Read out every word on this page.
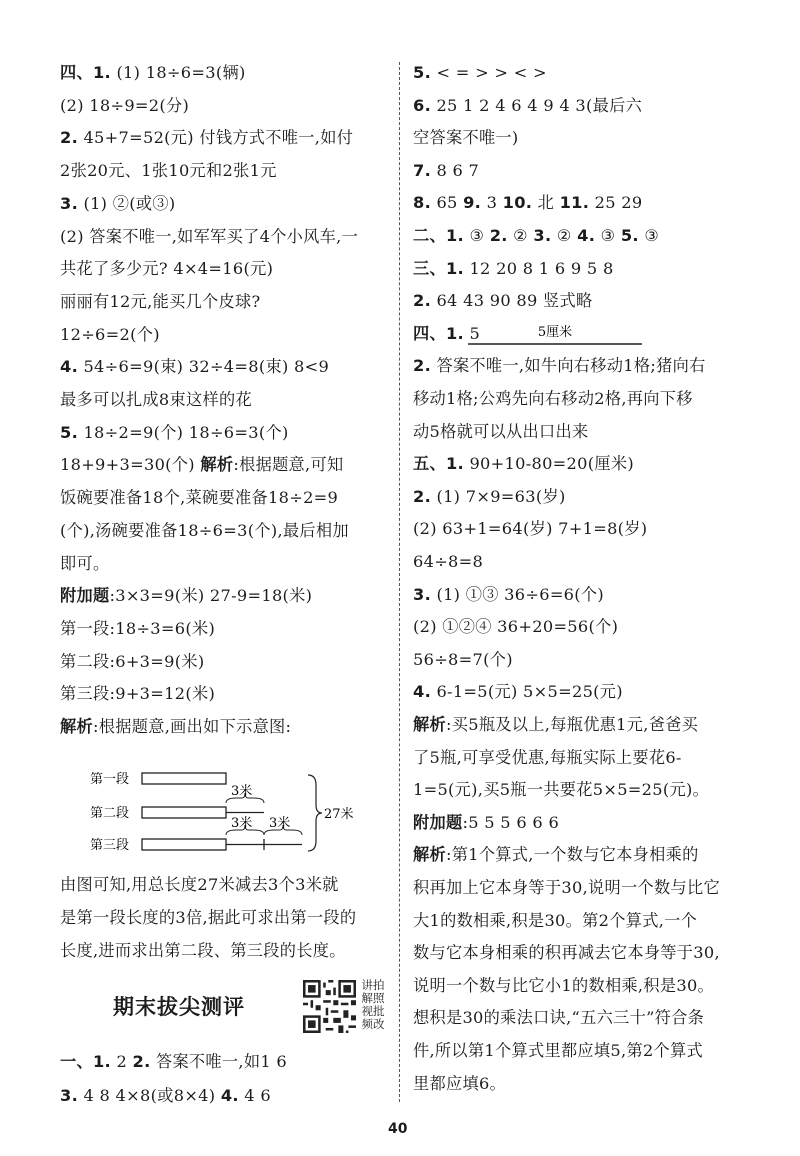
四、1. (1) 18÷6=3(辆)
(2) 18÷9=2(分)
2. 45+7=52(元) 付钱方式不唯一,如付
2张20元、1张10元和2张1元
3. (1) ②(或③)
(2) 答案不唯一,如军军买了4个小风车,一
共花了多少元? 4×4=16(元)
丽丽有12元,能买几个皮球?
12÷6=2(个)
4. 54÷6=9(束) 32÷4=8(束) 8<9
最多可以扎成8束这样的花
5. 18÷2=9(个) 18÷6=3(个)
18+9+3=30(个) 解析:根据题意,可知
饭碗要准备18个,菜碗要准备18÷2=9
(个),汤碗要准备18÷6=3(个),最后相加
即可。
附加题:3×3=9(米) 27-9=18(米)
第一段:18÷3=6(米)
第二段:6+3=9(米)
第三段:9+3=12(米)
解析:根据题意,画出如下示意图:
由图可知,用总长度27米减去3个3米就
是第一段长度的3倍,据此可求出第一段的
长度,进而求出第二段、第三段的长度。
一、1. 2 2. 答案不唯一,如1 6
3. 4 8 4×8(或8×4) 4. 4 6
5. < = > > < >
6. 25 1 2 4 6 4 9 4 3(最后六
空答案不唯一)
7. 8 6 7
8. 65 9. 3 10. 北 11. 25 29
二、1. ③ 2. ② 3. ② 4. ③ 5. ③
三、1. 12 20 8 1 6 9 5 8
2. 64 43 90 89 竖式略
四、1. 5
2. 答案不唯一,如牛向右移动1格;猪向右
移动1格;公鸡先向右移动2格,再向下移
动5格就可以从出口出来
五、1. 90+10-80=20(厘米)
2. (1) 7×9=63(岁)
(2) 63+1=64(岁) 7+1=8(岁)
64÷8=8
3. (1) ①③ 36÷6=6(个)
(2) ①②④ 36+20=56(个)
56÷8=7(个)
4. 6-1=5(元) 5×5=25(元)
解析:买5瓶及以上,每瓶优惠1元,爸爸买
了5瓶,可享受优惠,每瓶实际上要花6-
1=5(元),买5瓶一共要花5×5=25(元)。
附加题:5 5 5 6 6 6
解析:第1个算式,一个数与它本身相乘的
积再加上它本身等于30,说明一个数与比它
大1的数相乘,积是30。第2个算式,一个
数与它本身相乘的积再减去它本身等于30,
说明一个数与比它小1的数相乘,积是30。
想积是30的乘法口诀,“五六三十”符合条
件,所以第1个算式里都应填5,第2个算式
里都应填6。
5厘米
第一段
第二段
3米
第三段
3米 3米
27米
期末拔尖测评
讲拍
解照
视批
频改
40
